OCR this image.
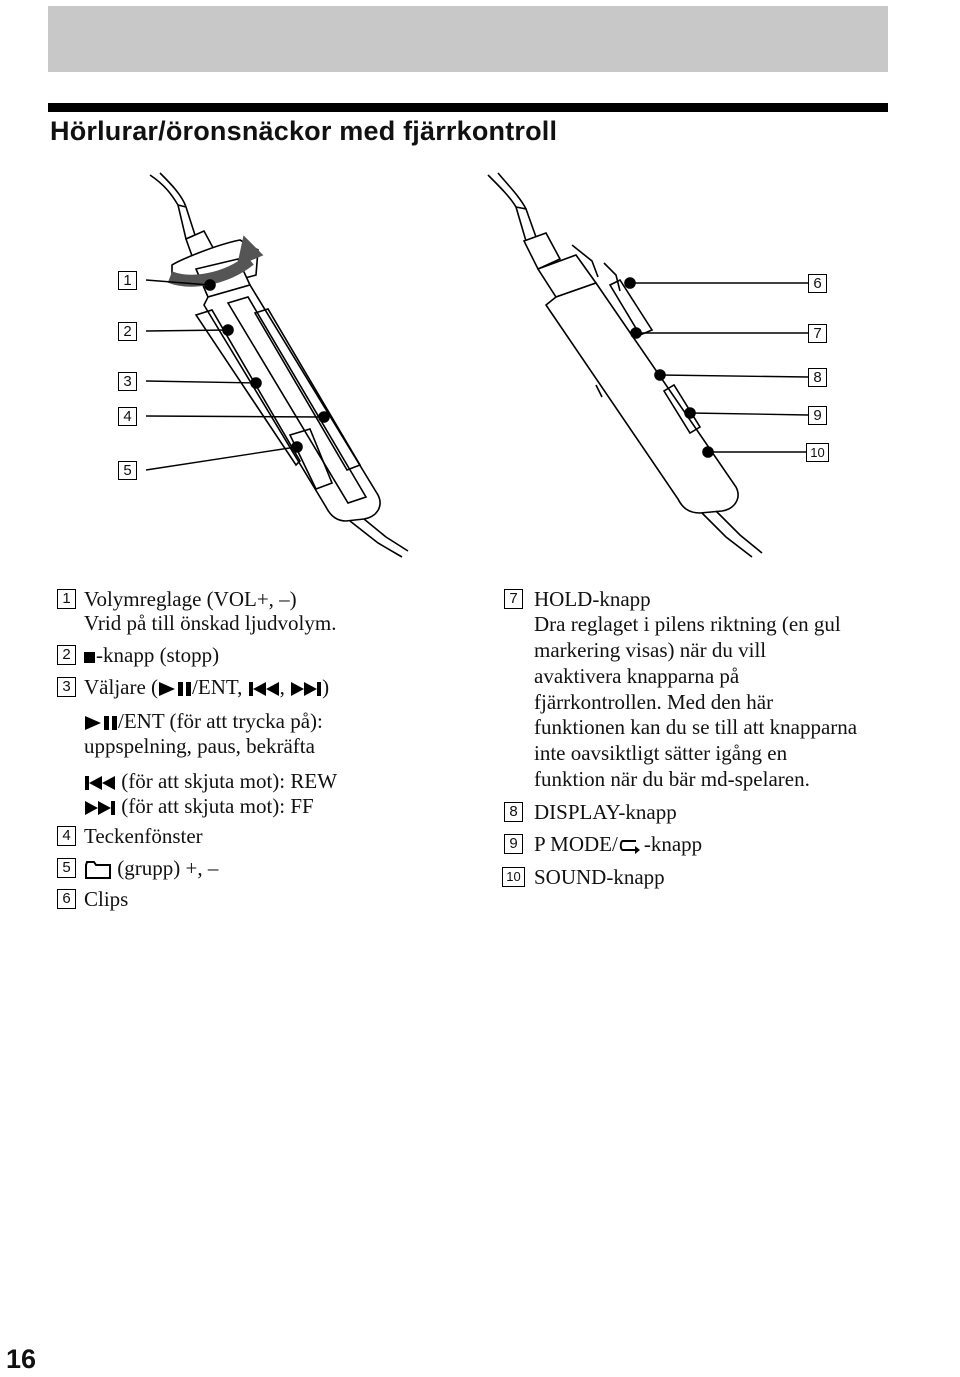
Hörlurar/öronsnäckor med fjärrkontroll
1
2
3
4
5
6
7
8
9
10
1 Volymreglage (VOL+, –)
Vrid på till önskad ljudvolym.
2	-knapp (stopp)
3 Väljare ( /ENT, , )
/ENT (för att trycka på):
uppspelning, paus, bekräfta
(för att skjuta mot): REW
(för att skjuta mot): FF
4 Teckenfönster
5	(grupp) +, –
6 Clips
7 HOLD-knapp
Dra reglaget i pilens riktning (en gul
markering visas) när du vill
avaktivera knapparna på
fjärrkontrollen. Med den här
funktionen kan du se till att knapparna
inte oavsiktligt sätter igång en
funktion när du bär md-spelaren.
8 DISPLAY-knapp
9 P MODE/ -knapp
10 SOUND-knapp
16
